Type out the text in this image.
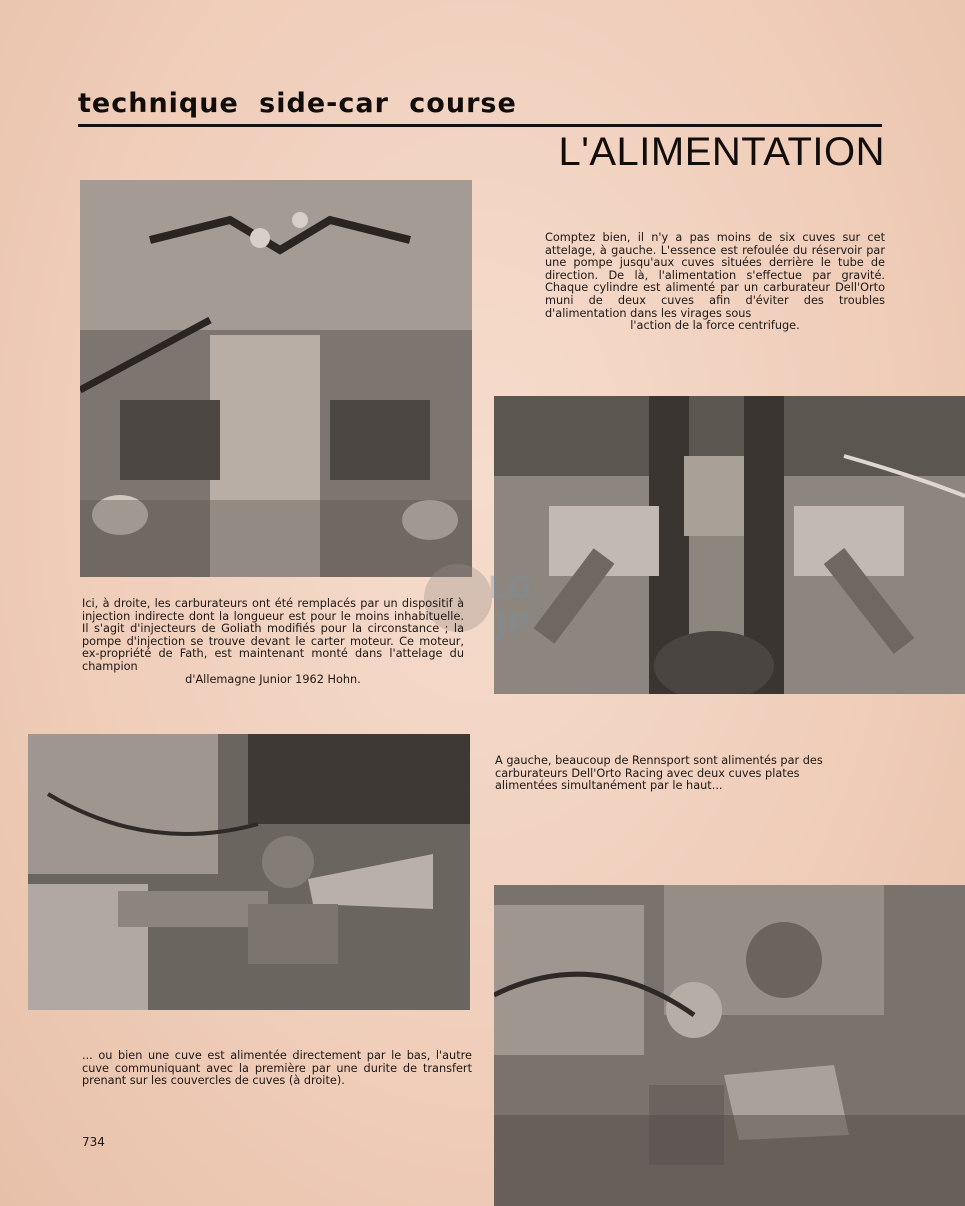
technique side-car course
L'ALIMENTATION

Comptez bien, il n'y a pas moins de six cuves sur cet attelage, à gauche. L'essence est refoulée du réservoir par une pompe jusqu'aux cuves situées derrière le tube de direction. De là, l'alimentation s'effectue par gravité. Chaque cylindre est alimenté par un carburateur Dell'Orto muni de deux cuves afin d'éviter des troubles d'alimentation dans les virages sous

l'action de la force centrifuge.

LG
JP

Ici, à droite, les carburateurs ont été remplacés par un dispositif à injection indirecte dont la longueur est pour le moins inhabituelle. Il s'agit d'injecteurs de Goliath modifiés pour la circonstance ; la pompe d'injection se trouve devant le carter moteur. Ce moteur, ex-propriété de Fath, est maintenant monté dans l'attelage du champion

d'Allemagne Junior 1962 Hohn.

A gauche, beaucoup de Rennsport sont alimentés par des carburateurs Dell'Orto Racing avec deux cuves plates alimentées simultanément par le haut...

... ou bien une cuve est alimentée directement par le bas, l'autre cuve communiquant avec la première par une durite de transfert prenant sur les couvercles de cuves (à droite).

734
